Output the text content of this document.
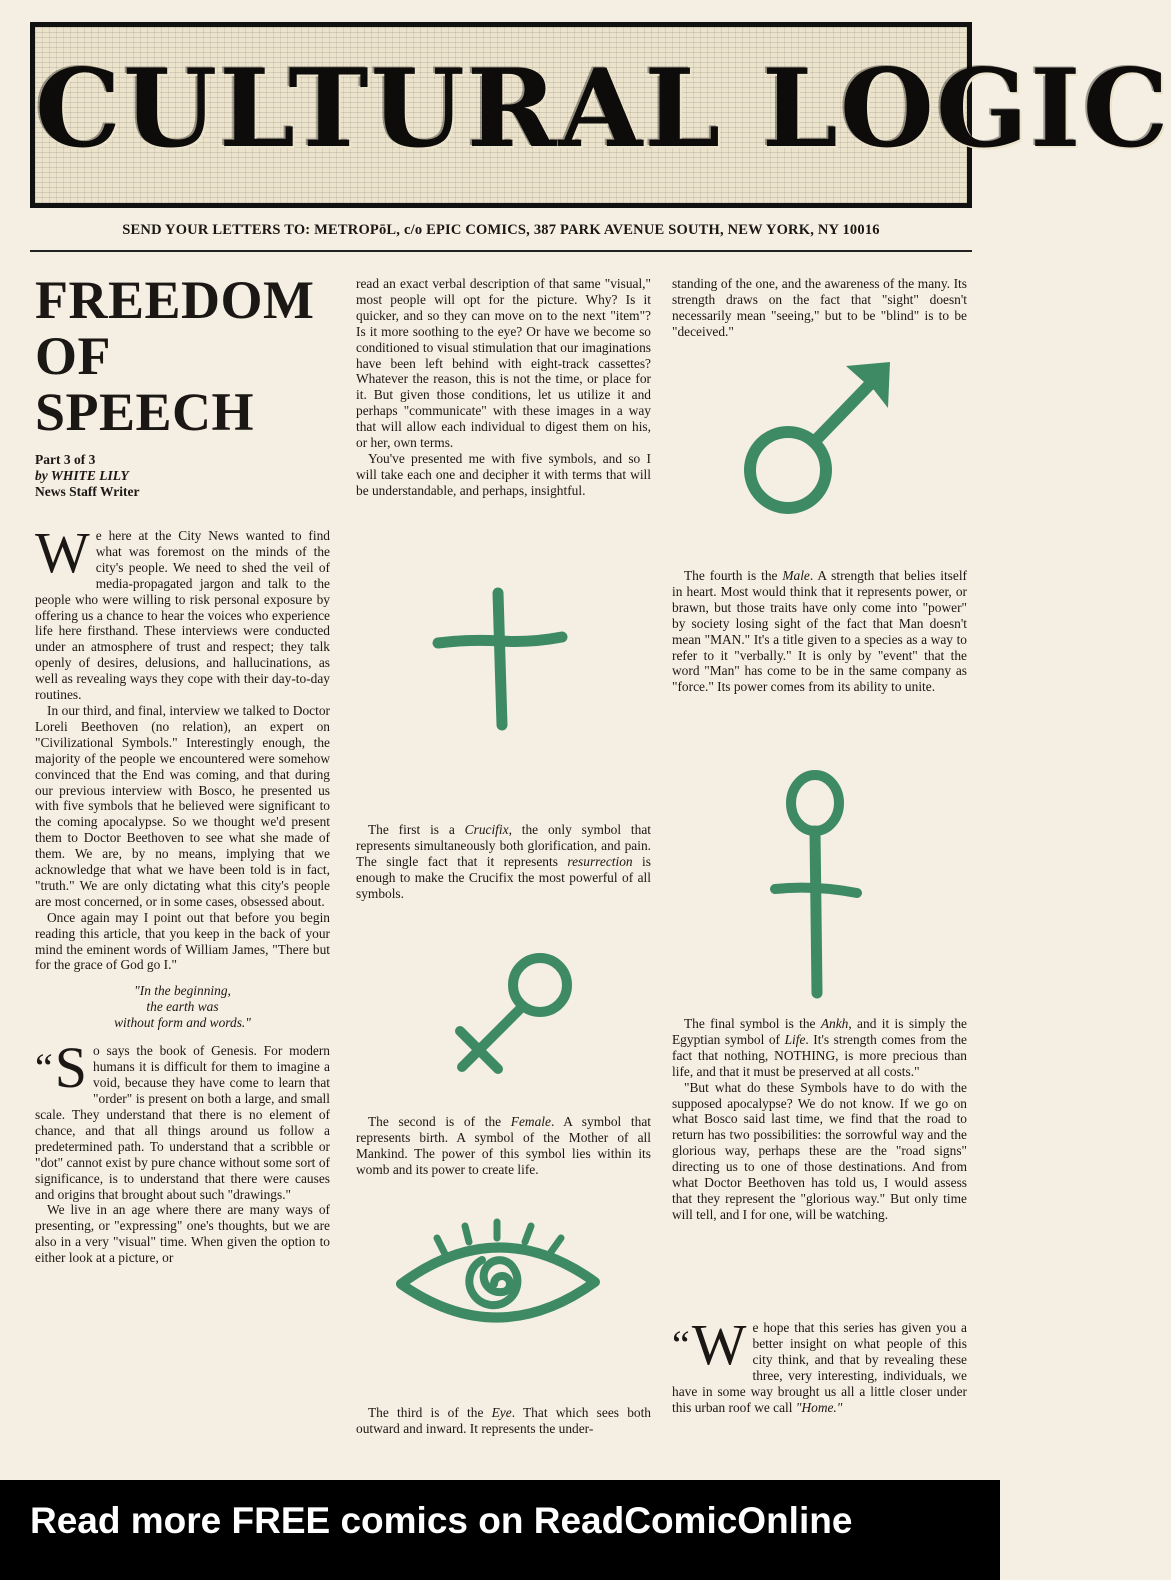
CULTURAL LOGIC
SEND YOUR LETTERS TO: METROPōL, c/o EPIC COMICS, 387 PARK AVENUE SOUTH, NEW YORK, NY 10016
FREEDOM
OF
SPEECH
Part 3 of 3
by WHITE LILY
News Staff Writer

We here at the City News wanted to find what was foremost on the minds of the city's people. We need to shed the veil of media-propagated jargon and talk to the people who were willing to risk personal exposure by offering us a chance to hear the voices who experience life here firsthand. These interviews were conducted under an atmosphere of trust and respect; they talk openly of desires, delusions, and hallucinations, as well as revealing ways they cope with their day-to-day routines.

In our third, and final, interview we talked to Doctor Loreli Beethoven (no relation), an expert on "Civilizational Symbols." Interestingly enough, the majority of the people we encountered were somehow convinced that the End was coming, and that during our previous interview with Bosco, he presented us with five symbols that he believed were significant to the coming apocalypse. So we thought we'd present them to Doctor Beethoven to see what she made of them. We are, by no means, implying that we acknowledge that what we have been told is in fact, "truth." We are only dictating what this city's people are most concerned, or in some cases, obsessed about.

Once again may I point out that before you begin reading this article, that you keep in the back of your mind the eminent words of William James, "There but for the grace of God go I."

"In the beginning,
the earth was
without form and words."

“S o says the book of Genesis. For modern humans it is difficult for them to imagine a void, because they have come to learn that "order" is present on both a large, and small scale. They understand that there is no element of chance, and that all things around us follow a predetermined path. To understand that a scribble or "dot" cannot exist by pure chance without some sort of significance, is to understand that there were causes and origins that brought about such "drawings."

We live in an age where there are many ways of presenting, or "expressing" one's thoughts, but we are also in a very "visual" time. When given the option to either look at a picture, or

read an exact verbal description of that same "visual," most people will opt for the picture. Why? Is it quicker, and so they can move on to the next "item"? Is it more soothing to the eye? Or have we become so conditioned to visual stimulation that our imaginations have been left behind with eight-track cassettes? Whatever the reason, this is not the time, or place for it. But given those conditions, let us utilize it and perhaps "communicate" with these images in a way that will allow each individual to digest them on his, or her, own terms.

You've presented me with five symbols, and so I will take each one and decipher it with terms that will be understandable, and perhaps, insightful.

The first is a Crucifix, the only symbol that represents simultaneously both glorification, and pain. The single fact that it represents resurrection is enough to make the Crucifix the most powerful of all symbols.

The second is of the Female. A symbol that represents birth. A symbol of the Mother of all Mankind. The power of this symbol lies within its womb and its power to create life.

The third is of the Eye. That which sees both outward and inward. It represents the under-

standing of the one, and the awareness of the many. Its strength draws on the fact that "sight" doesn't necessarily mean "seeing," but to be "blind" is to be "deceived."

The fourth is the Male. A strength that belies itself in heart. Most would think that it represents power, or brawn, but those traits have only come into "power" by society losing sight of the fact that Man doesn't mean "MAN." It's a title given to a species as a way to refer to it "verbally." It is only by "event" that the word "Man" has come to be in the same company as "force." Its power comes from its ability to unite.

The final symbol is the Ankh, and it is simply the Egyptian symbol of Life. It's strength comes from the fact that nothing, NOTHING, is more precious than life, and that it must be preserved at all costs."

"But what do these Symbols have to do with the supposed apocalypse? We do not know. If we go on what Bosco said last time, we find that the road to return has two possibilities: the sorrowful way and the glorious way, perhaps these are the "road signs" directing us to one of those destinations. And from what Doctor Beethoven has told us, I would assess that they represent the "glorious way." But only time will tell, and I for one, will be watching.

“W e hope that this series has given you a better insight on what people of this city think, and that by revealing these three, very interesting, individuals, we have in some way brought us all a little closer under this urban roof we call "Home."

Read more FREE comics on ReadComicOnline
